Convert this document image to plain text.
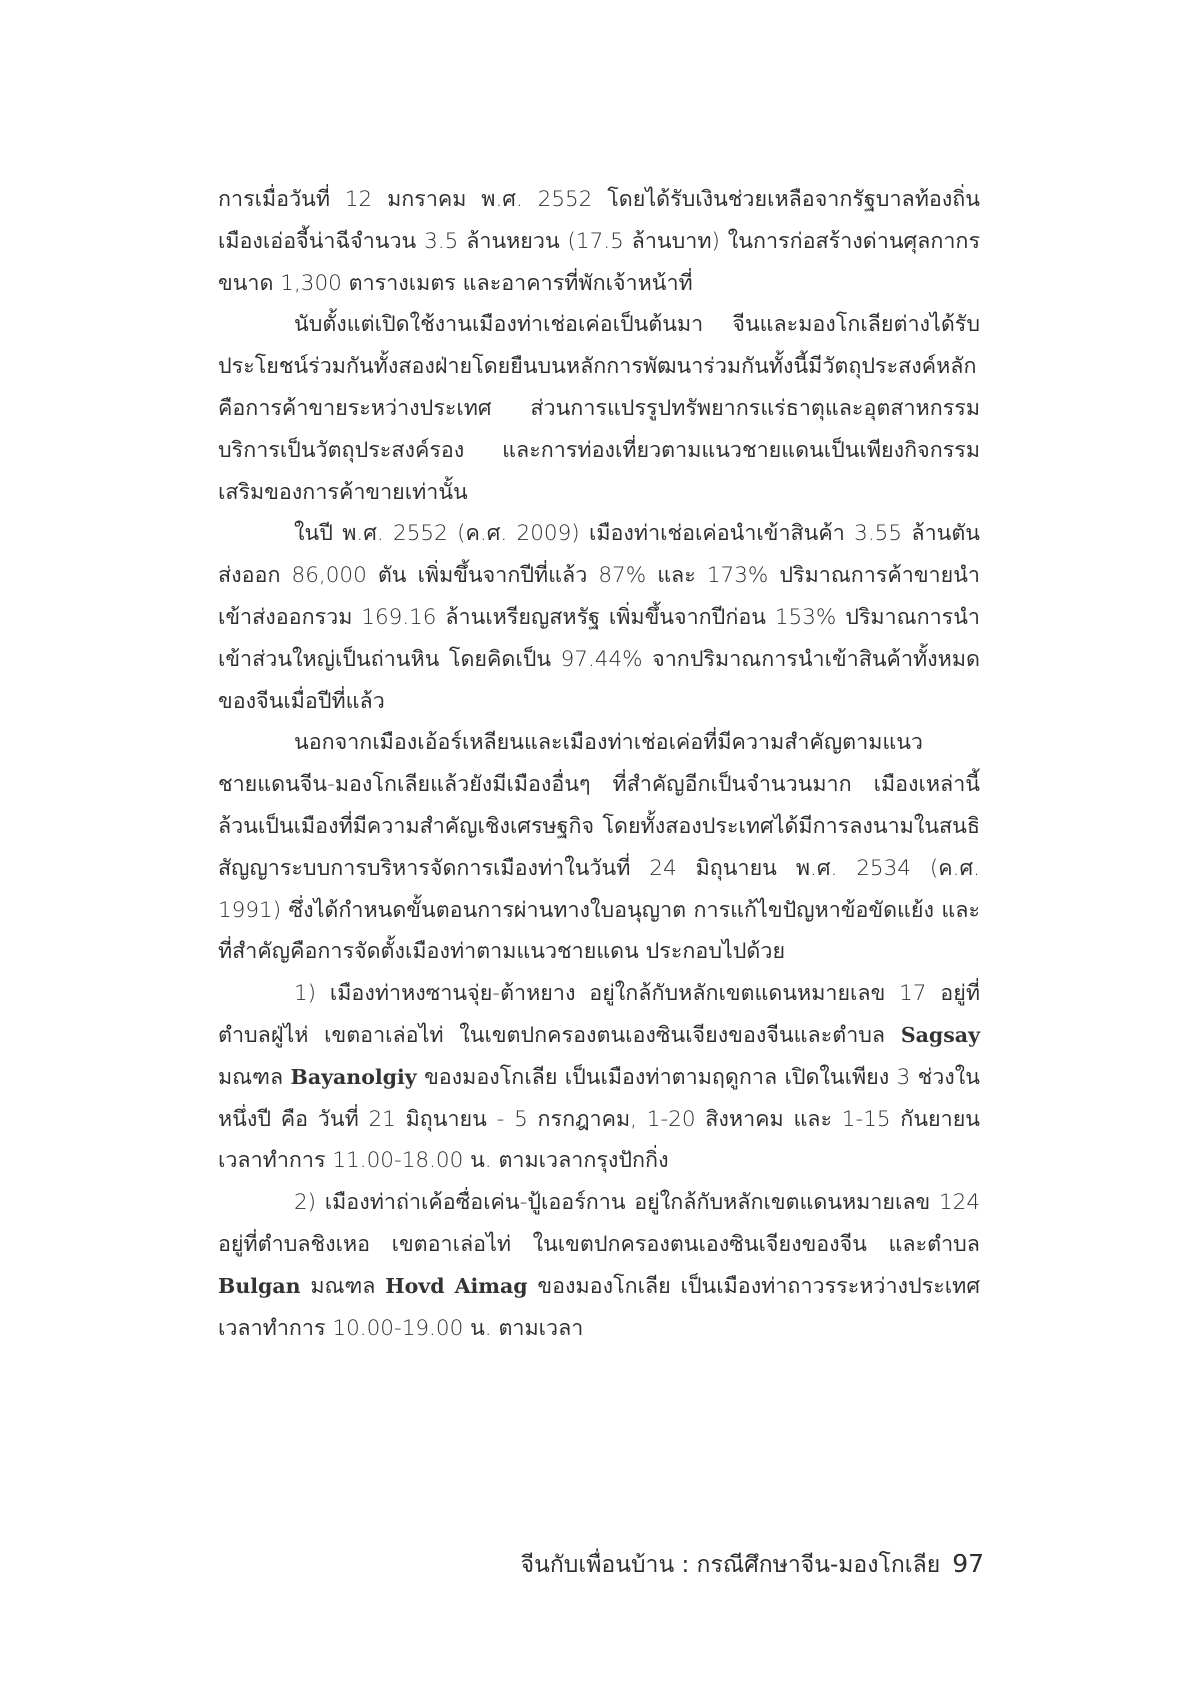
การเมื่อวันที่ 12 มกราคม พ.ศ. 2552 โดยได้รับเงินช่วยเหลือจากรัฐบาลท้องถิ่นเมืองเอ่อจี้น่าฉีจำนวน 3.5 ล้านหยวน (17.5 ล้านบาท) ในการก่อสร้างด่านศุลกากรขนาด 1,300 ตารางเมตร และอาคารที่พักเจ้าหน้าที่

นับตั้งแต่เปิดใช้งานเมืองท่าเช่อเค่อเป็นต้นมา จีนและมองโกเลียต่างได้รับประโยชน์ร่วมกันทั้งสองฝ่ายโดยยืนบนหลักการพัฒนาร่วมกันทั้งนี้มีวัตถุประสงค์หลักคือการค้าขายระหว่างประเทศ ส่วนการแปรรูปทรัพยากรแร่ธาตุและอุตสาหกรรมบริการเป็นวัตถุประสงค์รอง และการท่องเที่ยวตามแนวชายแดนเป็นเพียงกิจกรรมเสริมของการค้าขายเท่านั้น

ในปี พ.ศ. 2552 (ค.ศ. 2009) เมืองท่าเช่อเค่อนำเข้าสินค้า 3.55 ล้านตัน ส่งออก 86,000 ตัน เพิ่มขึ้นจากปีที่แล้ว 87% และ 173% ปริมาณการค้าขายนำเข้าส่งออกรวม 169.16 ล้านเหรียญสหรัฐ เพิ่มขึ้นจากปีก่อน 153% ปริมาณการนำเข้าส่วนใหญ่เป็นถ่านหิน โดยคิดเป็น 97.44% จากปริมาณการนำเข้าสินค้าทั้งหมดของจีนเมื่อปีที่แล้ว

นอกจากเมืองเอ้อร์เหลียนและเมืองท่าเช่อเค่อที่มีความสำคัญตามแนวชายแดนจีน-มองโกเลียแล้วยังมีเมืองอื่นๆ ที่สำคัญอีกเป็นจำนวนมาก เมืองเหล่านี้ล้วนเป็นเมืองที่มีความสำคัญเชิงเศรษฐกิจ โดยทั้งสองประเทศได้มีการลงนามในสนธิสัญญาระบบการบริหารจัดการเมืองท่าในวันที่ 24 มิถุนายน พ.ศ. 2534 (ค.ศ. 1991) ซึ่งได้กำหนดขั้นตอนการผ่านทางใบอนุญาต การแก้ไขปัญหาข้อขัดแย้ง และที่สำคัญคือการจัดตั้งเมืองท่าตามแนวชายแดน ประกอบไปด้วย

1) เมืองท่าหงซานจุ่ย-ต้าหยาง อยู่ใกล้กับหลักเขตแดนหมายเลข 17 อยู่ที่ตำบลฝู่ไห่ เขตอาเล่อไท่ ในเขตปกครองตนเองซินเจียงของจีนและตำบล Sagsay มณฑล Bayanolgiy ของมองโกเลีย เป็นเมืองท่าตามฤดูกาล เปิดในเพียง 3 ช่วงในหนึ่งปี คือ วันที่ 21 มิถุนายน - 5 กรกฎาคม, 1-20 สิงหาคม และ 1-15 กันยายน เวลาทำการ 11.00-18.00 น. ตามเวลากรุงปักกิ่ง

2) เมืองท่าถ่าเค้อซื่อเค่น-ปู้เออร์กาน อยู่ใกล้กับหลักเขตแดนหมายเลข 124 อยู่ที่ตำบลชิงเหอ เขตอาเล่อไท่ ในเขตปกครองตนเองซินเจียงของจีน และตำบล Bulgan มณฑล Hovd Aimag ของมองโกเลีย เป็นเมืองท่าถาวรระหว่างประเทศ เวลาทำการ 10.00-19.00 น. ตามเวลา

จีนกับเพื่อนบ้าน : กรณีศึกษาจีน-มองโกเลีย 97
